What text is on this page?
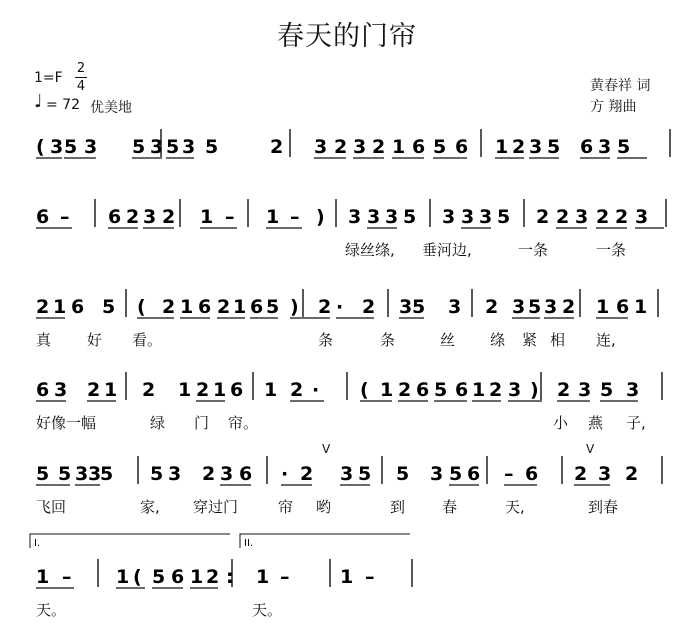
春天的门帘
1=F
2
4
♩ = 72 优美地
黄春祥 词
方 翔曲
( 3 5 3 5 3 5 3 5	2 3 2 3 2 1 6 5 6 1 2 3 5 6 3 5
6 – 6 2 3 2 1 – 1 – ) 3 3 3 5 3 3 3 5 2 2 3 2 2 3
绿丝绦, 垂河边,	一条	一条
2 1 6 5 ( 2 1 6 2 1 6 5 ) 2 · 2 3 5 3 2 3 5 3 2 1 6 1
真 好 看。	条	条	丝 绦 紧 相 连,
6 3 2 1 2 1 2 1 6 1 2 · ( 1 2 6 5 6 1 2 3 ) 2 3 5 3
好像一幅	绿 门 帘。	小 燕 子,
5 5 3 3
5 5 3 2 3 6 · 2 3 5 5 3 5 6 – 6 2 3 2
飞回	家, 穿过门	帘 哟	到 春	天,	到春
1 – 1 ( 5 6 1 2 : 1 –	1 –
天。	天。
I.	II.
V	V
